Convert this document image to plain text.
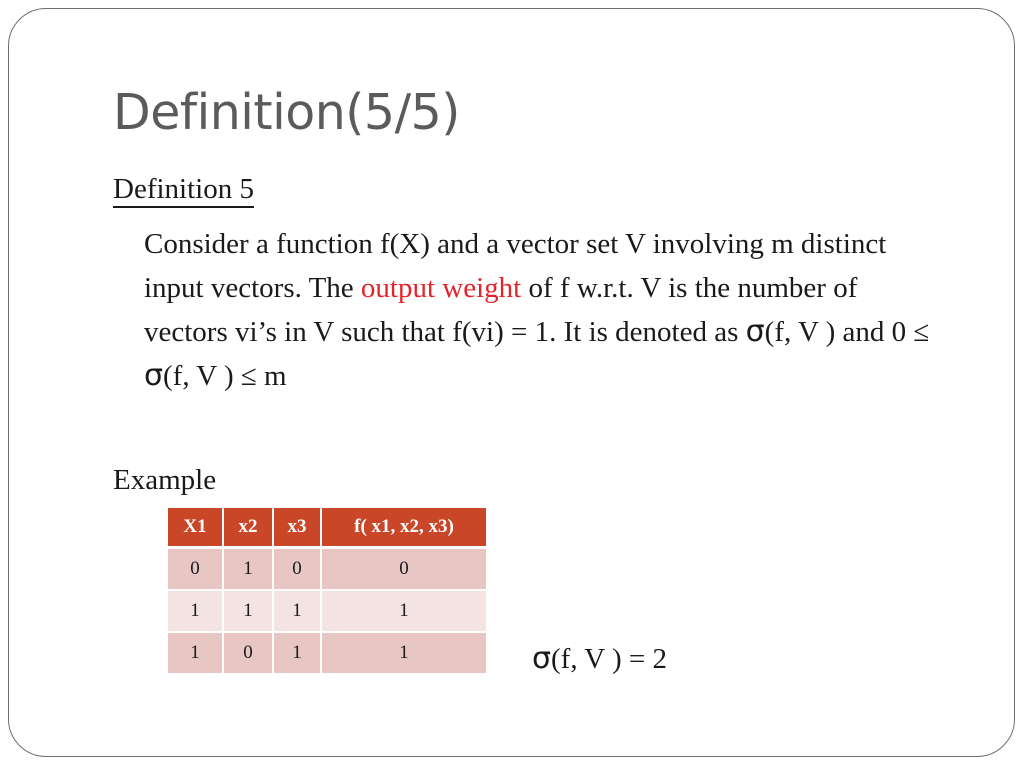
Definition(5/5)
Definition 5
Consider a function f(X) and a vector set V involving m distinct input vectors. The output weight of f w.r.t. V is the number of vectors vi’s in V such that f(vi) = 1. It is denoted as σ(f, V ) and 0 ≤ σ(f, V ) ≤ m
Example
X1	x2	x3	f( x1, x2, x3)
0	1	0	0
1	1	1	1
1	0	1	1	σ(f, V ) = 2
